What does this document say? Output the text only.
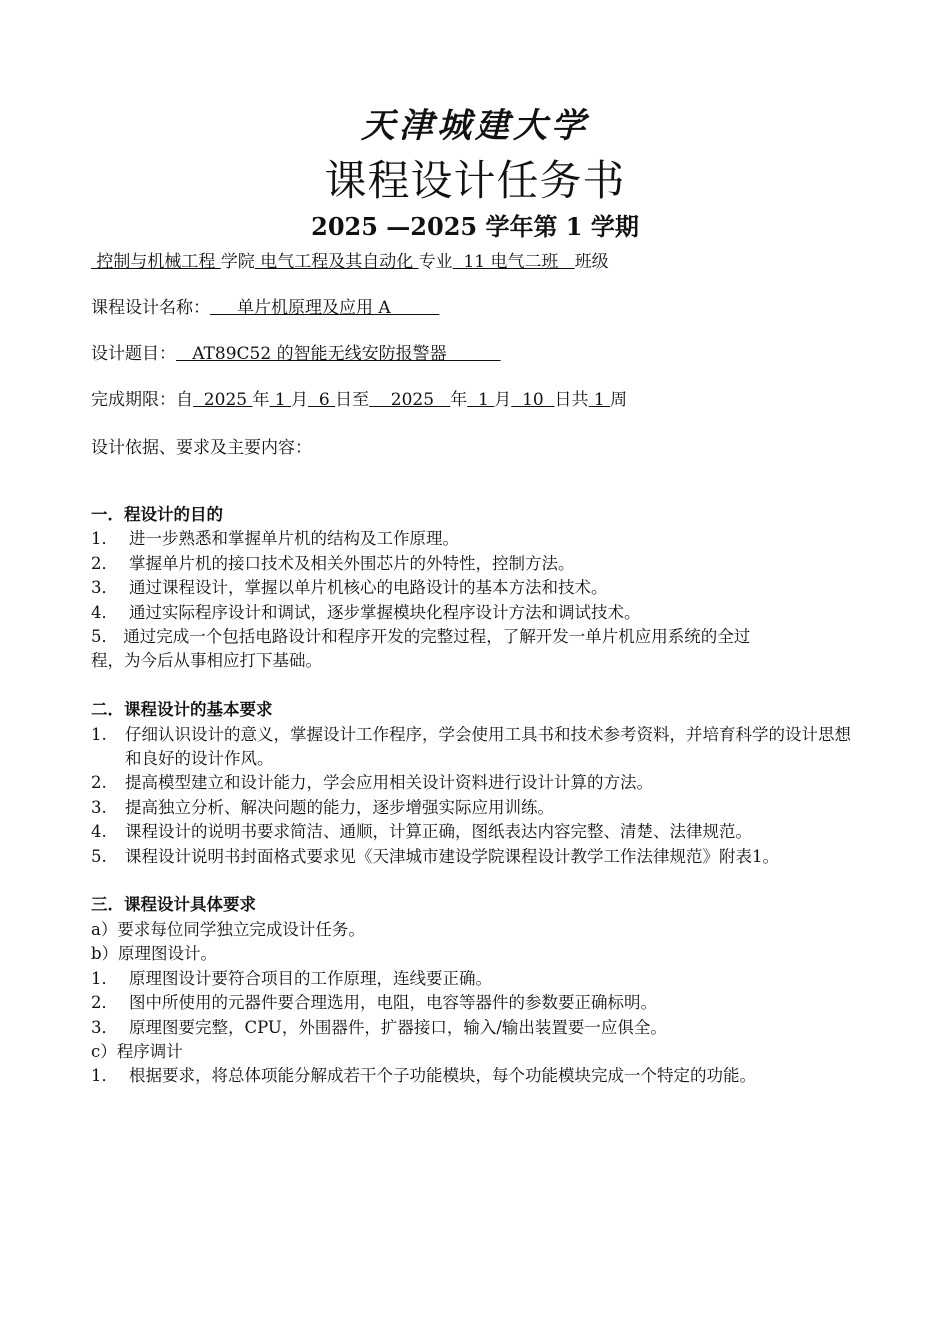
天津城建大学
课程设计任务书
2025 —2025 学年第 1 学期
控制与机械工程 学院 电气工程及其自动化 专业  11 电气二班   班级
课程设计名称：     单片机原理及应用 A
设计题目：   AT89C52 的智能无线安防报警器
完成期限：自  2025 年 1 月  6 日至    2025   年  1 月  10  日共 1 周
设计依据、要求及主要内容：
一．程设计的目的
1． 进一步熟悉和掌握单片机的结构及工作原理。
2． 掌握单片机的接口技术及相关外围芯片的外特性，控制方法。
3． 通过课程设计，掌握以单片机核心的电路设计的基本方法和技术。
4． 通过实际程序设计和调试，逐步掌握模块化程序设计方法和调试技术。
5． 通过完成一个包括电路设计和程序开发的完整过程，了解开发一单片机应用系统的全过
程，为今后从事相应打下基础。
二．课程设计的基本要求
1.	仔细认识设计的意义，掌握设计工作程序，学会使用工具书和技术参考资料，并培育科学的设计思想和良好的设计作风。
2.	提高模型建立和设计能力，学会应用相关设计资料进行设计计算的方法。
3.	提高独立分析、解决问题的能力，逐步增强实际应用训练。
4.	课程设计的说明书要求简洁、通顺，计算正确，图纸表达内容完整、清楚、法律规范。
5.	课程设计说明书封面格式要求见《天津城市建设学院课程设计教学工作法律规范》附表1。
三．课程设计具体要求
a）要求每位同学独立完成设计任务。
b）原理图设计。
1． 原理图设计要符合项目的工作原理，连线要正确。
2． 图中所使用的元器件要合理选用，电阻，电容等器件的参数要正确标明。
3． 原理图要完整，CPU，外围器件，扩器接口，输入/输出装置要一应俱全。
c）程序调计
1． 根据要求，将总体项能分解成若干个子功能模块，每个功能模块完成一个特定的功能。
